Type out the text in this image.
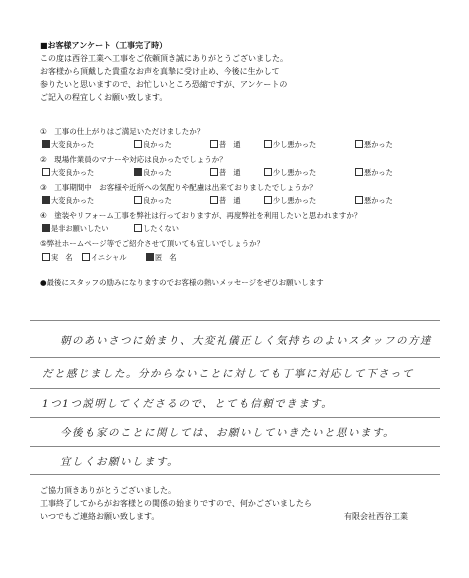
■お客様アンケート（工事完了時）
この度は西谷工業へ工事をご依頼頂き誠にありがとうございました。
お客様から頂戴した貴重なお声を真摯に受け止め、今後に生かして
参りたいと思いますので、お忙しいところ恐縮ですが、アンケートの
ご記入の程宜しくお願い致します。
①　工事の仕上がりはご満足いただけましたか？
大変良かった	良かった	普　通	少し悪かった	悪かった
②　現場作業員のマナーや対応は良かったでしょうか？
大変良かった	良かった	普　通	少し悪かった	悪かった
③　工事期間中　お客様や近所への気配りや配慮は出来ておりましたでしょうか？
大変良かった	良かった	普　通	少し悪かった	悪かった
④　塗装やリフォーム工事を弊社は行っておりますが、再度弊社を利用したいと思われますか？
是非お願いしたい	したくない
⑤弊社ホームページ等でご紹介させて頂いても宜しいでしょうか？
実　名	イニシャル	匿　名
●最後にスタッフの励みになりますのでお客様の熱いメッセージをぜひお願いします
朝のあいさつに始まり、大変礼儀正しく気持ちのよいスタッフの方達
だと感じました。分からないことに対しても丁寧に対応して下さって
1つ1つ説明してくださるので、とても信頼できます。
今後も家のことに関しては、お願いしていきたいと思います。
宜しくお願いします。
ご協力頂きありがとうございました。
工事終了してからがお客様との関係の始まりですので、何かございましたら
いつでもご連絡お願い致します。	有限会社西谷工業
